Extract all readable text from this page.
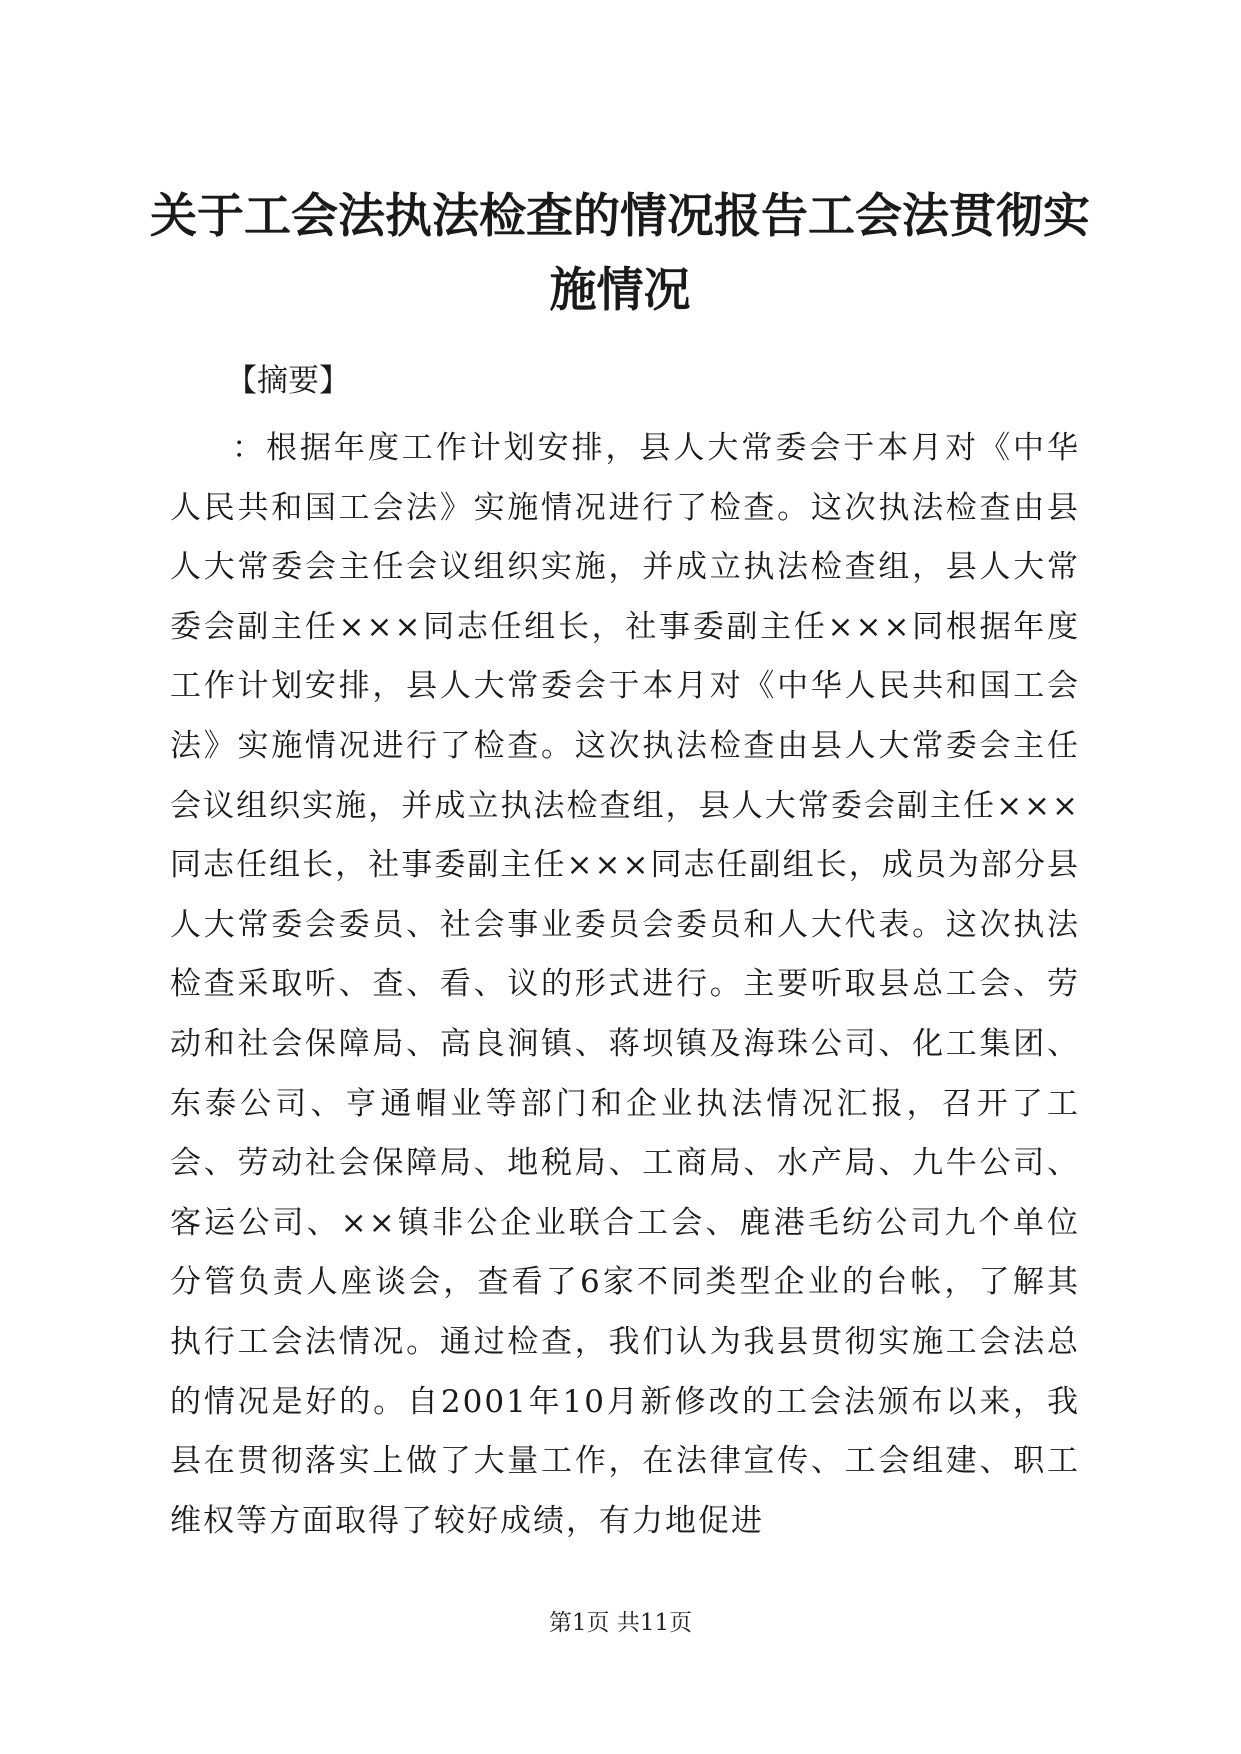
关于工会法执法检查的情况报告工会法贯彻实施情况
【摘要】

：根据年度工作计划安排，县人大常委会于本月对《中华人民共和国工会法》实施情况进行了检查。这次执法检查由县人大常委会主任会议组织实施，并成立执法检查组，县人大常委会副主任×××同志任组长，社事委副主任×××同根据年度工作计划安排，县人大常委会于本月对《中华人民共和国工会法》实施情况进行了检查。这次执法检查由县人大常委会主任会议组织实施，并成立执法检查组，县人大常委会副主任×××同志任组长，社事委副主任×××同志任副组长，成员为部分县人大常委会委员、社会事业委员会委员和人大代表。这次执法检查采取听、查、看、议的形式进行。主要听取县总工会、劳动和社会保障局、高良涧镇、蒋坝镇及海珠公司、化工集团、东泰公司、亨通帽业等部门和企业执法情况汇报，召开了工会、劳动社会保障局、地税局、工商局、水产局、九牛公司、客运公司、××镇非公企业联合工会、鹿港毛纺公司九个单位分管负责人座谈会，查看了6家不同类型企业的台帐，了解其执行工会法情况。通过检查，我们认为我县贯彻实施工会法总的情况是好的。自2001年10月新修改的工会法颁布以来，我县在贯彻落实上做了大量工作，在法律宣传、工会组建、职工维权等方面取得了较好成绩，有力地促进

第1页 共11页
